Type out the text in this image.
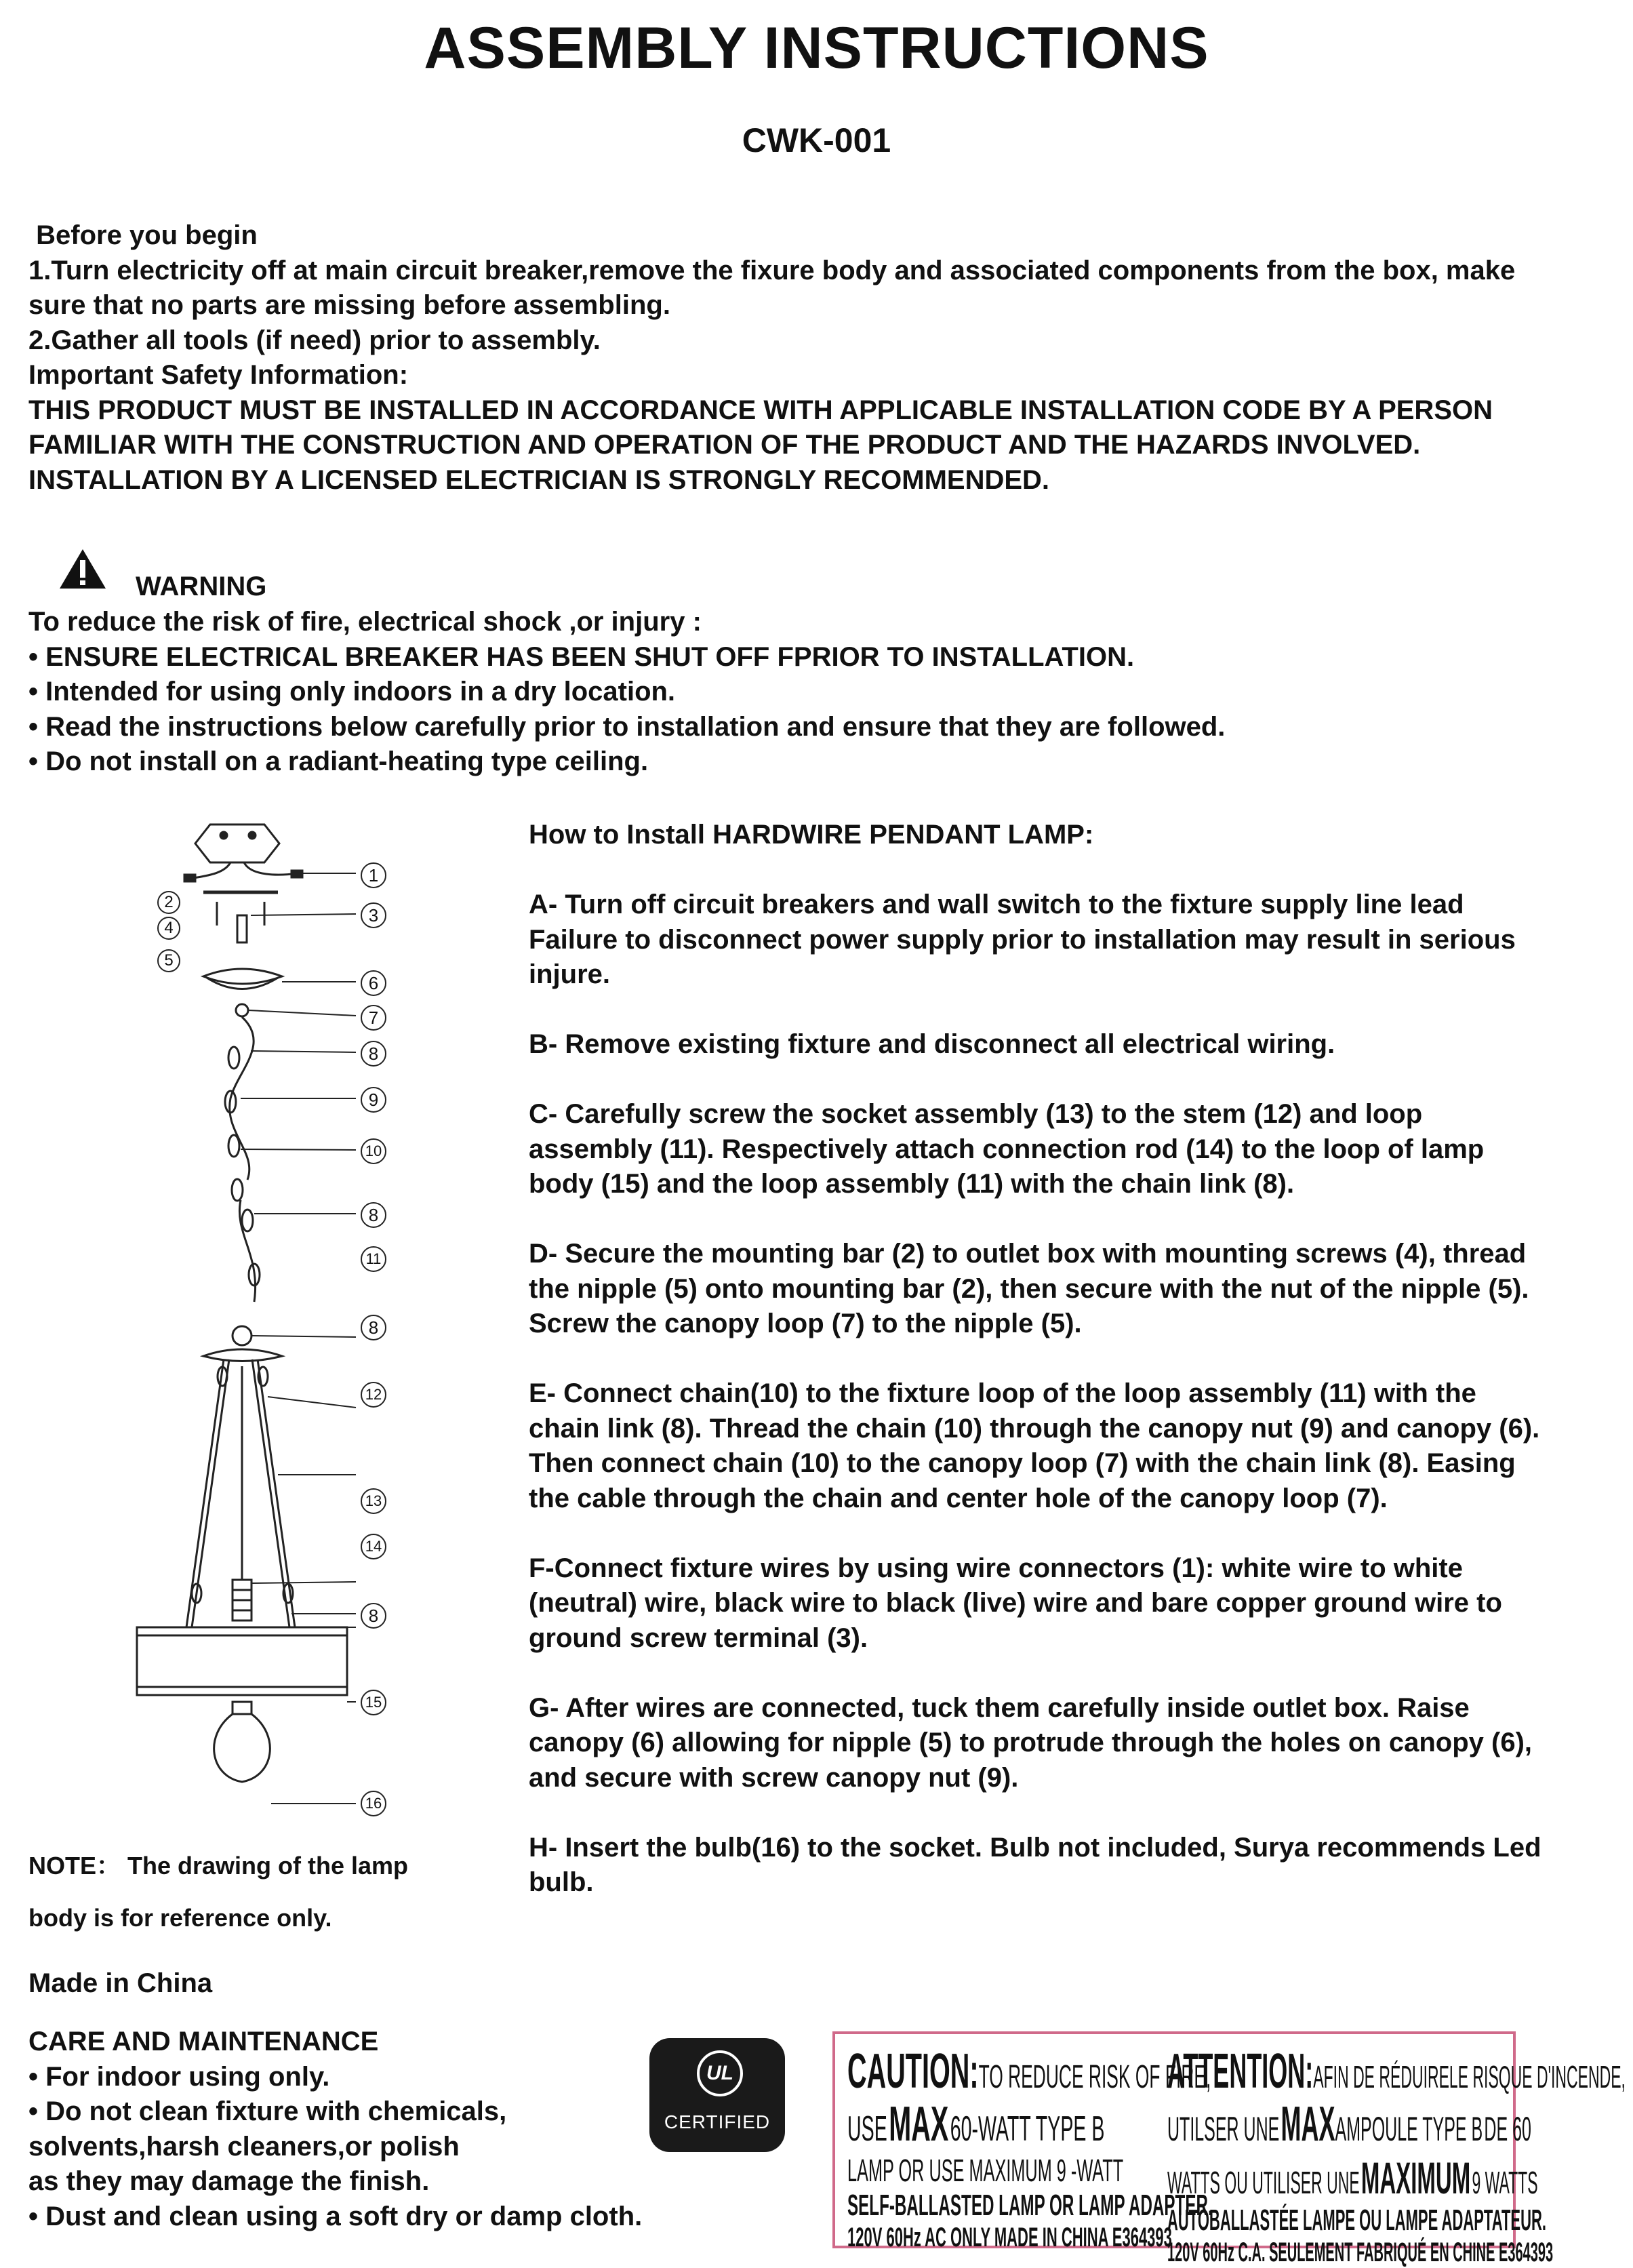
ASSEMBLY INSTRUCTIONS
CWK-001
Before you begin
1.Turn electricity off at main circuit breaker,remove the fixure body and associated components from the box, make
sure that no parts are missing before assembling.
2.Gather all tools (if need) prior to assembly.
Important Safety Information:
THIS PRODUCT MUST BE INSTALLED IN ACCORDANCE WITH APPLICABLE INSTALLATION CODE BY A PERSON
FAMILIAR WITH THE CONSTRUCTION AND OPERATION OF THE PRODUCT AND THE HAZARDS INVOLVED.
INSTALLATION BY A LICENSED ELECTRICIAN IS STRONGLY RECOMMENDED.
WARNING
To reduce the risk of fire, electrical shock ,or injury :
• ENSURE ELECTRICAL BREAKER HAS BEEN SHUT OFF FPRIOR TO INSTALLATION.
• Intended for using only indoors in a dry location.
• Read the instructions below carefully prior to installation and ensure that they are followed.
• Do not install on a radiant-heating type ceiling.
2
4
5
1
3
6
7
8
9
10
8
11
8
12
13
14
8
15
16
How to Install HARDWIRE PENDANT LAMP:
A- Turn off circuit breakers and wall switch to the fixture supply line lead
Failure to disconnect power supply prior to installation may result in serious
injure.
B- Remove existing fixture and disconnect all electrical wiring.
C- Carefully screw the socket assembly (13) to the stem (12) and loop
assembly (11). Respectively attach connection rod (14) to the loop of lamp
body (15) and the loop assembly (11) with the chain link (8).
D- Secure the mounting bar (2) to outlet box with mounting screws (4), thread
the nipple (5) onto mounting bar (2), then secure with the nut of the nipple (5).
Screw the canopy loop (7) to the nipple (5).
E- Connect chain(10) to the fixture loop of the loop assembly (11) with the
chain link (8). Thread the chain (10) through the canopy nut (9) and canopy (6).
Then connect chain (10) to the canopy loop (7) with the chain link (8). Easing
the cable through the chain and center hole of the canopy loop (7).
F-Connect fixture wires by using wire connectors (1): white wire to white
(neutral) wire, black wire to black (live) wire and bare copper ground wire to
ground screw terminal (3).
G- After wires are connected, tuck them carefully inside outlet box. Raise
canopy (6) allowing for nipple (5) to protrude through the holes on canopy (6),
and secure with screw canopy nut (9).
H- Insert the bulb(16) to the socket. Bulb not included, Surya recommends Led
bulb.
NOTE： The drawing of the lamp
body is for reference only.
Made in China
CARE AND MAINTENANCE
• For indoor using only.
• Do not clean fixture with chemicals,
solvents,harsh cleaners,or polish
as they may damage the finish.
• Dust and clean using a soft dry or damp cloth.
UL
CERTIFIED
CAUTION:TO REDUCE RISK OF FIRE,
USE MAX 60-WATT TYPE B
LAMP OR USE MAXIMUM 9 -WATT
SELF-BALLASTED LAMP OR LAMP ADAPTER.
120V 60Hz AC ONLY MADE IN CHINA E364393
ATTENTION:AFIN DE RÉDUIRELE RISQUE D'INCENDE,
UTILSER UNE MAXAMPOULE TYPE B DE 60
WATTS OU UTILISER UNE MAXIMUM 9 WATTS
AUTOBALLASTÉE LAMPE OU LAMPE ADAPTATEUR.
120V 60Hz C.A. SEULEMENT FABRIQUÉ EN CHINE E364393
